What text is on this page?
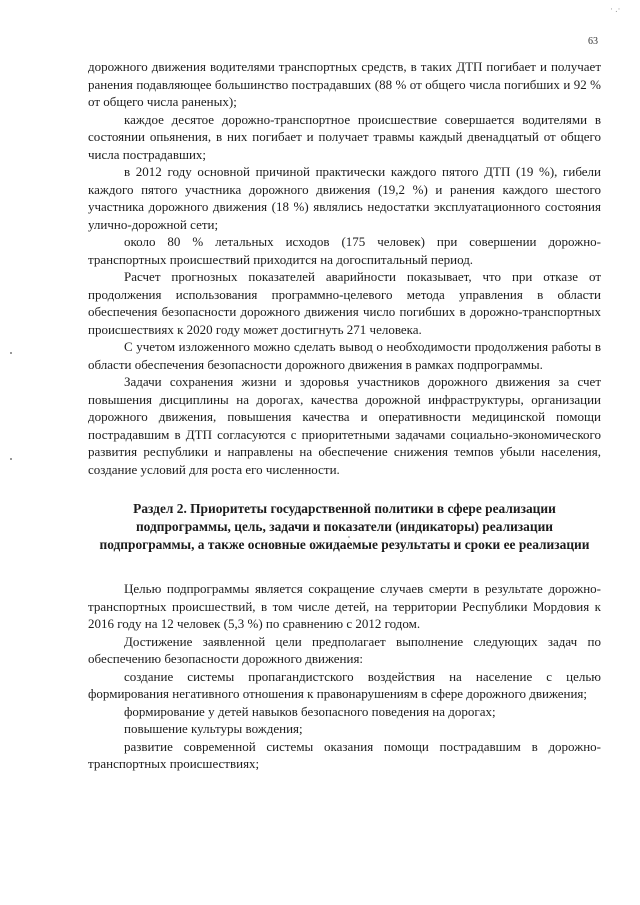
· .·
63

дорожного движения водителями транспортных средств, в таких ДТП погибает и получает ранения подавляющее большинство пострадавших (88 % от общего числа погибших и 92 % от общего числа раненых);

каждое десятое дорожно-транспортное происшествие совершается водителями в состоянии опьянения, в них погибает и получает травмы каждый двенадцатый от общего числа пострадавших;

в 2012 году основной причиной практически каждого пятого ДТП (19 %), гибели каждого пятого участника дорожного движения (19,2 %) и ранения каждого шестого участника дорожного движения (18 %) являлись недостатки эксплуатационного состояния улично-дорожной сети;

около 80 % летальных исходов (175 человек) при совершении дорожно-транспортных происшествий приходится на догоспитальный период.

Расчет прогнозных показателей аварийности показывает, что при отказе от продолжения использования программно-целевого метода управления в области обеспечения безопасности дорожного движения число погибших в дорожно-транспортных происшествиях к 2020 году может достигнуть 271 человека.

С учетом изложенного можно сделать вывод о необходимости продолжения работы в области обеспечения безопасности дорожного движения в рамках подпрограммы.

Задачи сохранения жизни и здоровья участников дорожного движения за счет повышения дисциплины на дорогах, качества дорожной инфраструктуры, организации дорожного движения, повышения качества и оперативности медицинской помощи пострадавшим в ДТП согласуются с приоритетными задачами социально-экономического развития республики и направлены на обеспечение снижения темпов убыли населения, создание условий для роста его численности.

Раздел 2. Приоритеты государственной политики в сфере реализации подпрограммы, цель, задачи и показатели (индикаторы) реализации подпрограммы, а также основные ожидаемые результаты и сроки ее реализации

Целью подпрограммы является сокращение случаев смерти в результате дорожно-транспортных происшествий, в том числе детей, на территории Республики Мордовия к 2016 году на 12 человек (5,3 %) по сравнению с 2012 годом.

Достижение заявленной цели предполагает выполнение следующих задач по обеспечению безопасности дорожного движения:

создание системы пропагандистского воздействия на население с целью формирования негативного отношения к правонарушениям в сфере дорожного движения;

формирование у детей навыков безопасного поведения на дорогах;

повышение культуры вождения;

развитие современной системы оказания помощи пострадавшим в дорожно-транспортных происшествиях;
